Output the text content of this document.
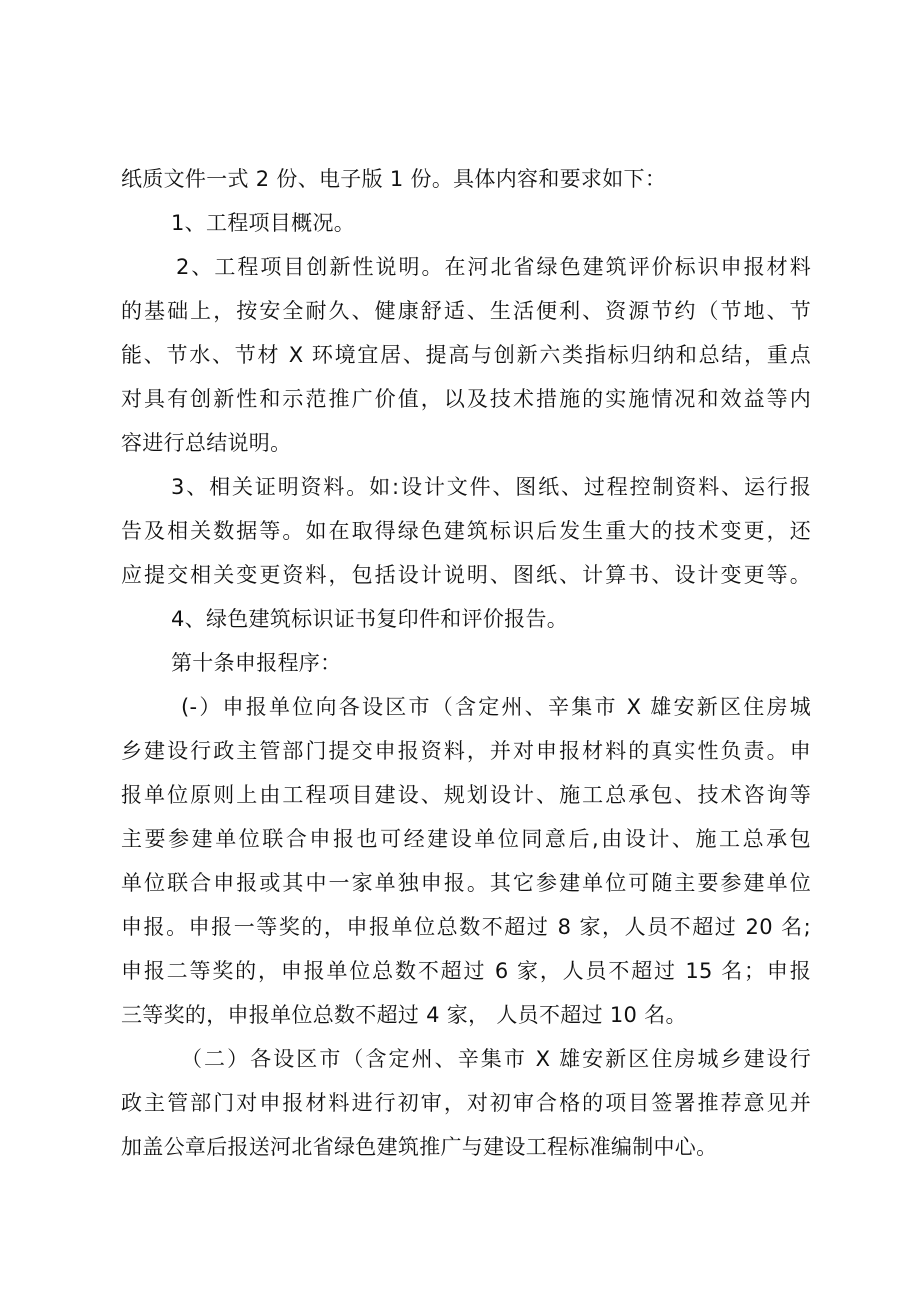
纸质文件一式 2 份、电子版 1 份。具体内容和要求如下：
1、工程项目概况。
2、工程项目创新性说明。在河北省绿色建筑评价标识申报材料
的基础上，按安全耐久、健康舒适、生活便利、资源节约（节地、节
能、节水、节材 X 环境宜居、提高与创新六类指标归纳和总结，重点
对具有创新性和示范推广价值，以及技术措施的实施情况和效益等内
容进行总结说明。
3、相关证明资料。如:设计文件、图纸、过程控制资料、运行报
告及相关数据等。如在取得绿色建筑标识后发生重大的技术变更，还
应提交相关变更资料，包括设计说明、图纸、计算书、设计变更等。
4、绿色建筑标识证书复印件和评价报告。
第十条申报程序：
(-）申报单位向各设区市（含定州、辛集市 X 雄安新区住房城
乡建设行政主管部门提交申报资料，并对申报材料的真实性负责。申
报单位原则上由工程项目建设、规划设计、施工总承包、技术咨询等
主要参建单位联合申报也可经建设单位同意后,由设计、施工总承包
单位联合申报或其中一家单独申报。其它参建单位可随主要参建单位
申报。申报一等奖的，申报单位总数不超过 8 家，人员不超过 20 名;
申报二等奖的，申报单位总数不超过 6 家，人员不超过 15 名；申报
三等奖的，申报单位总数不超过 4 家， 人员不超过 10 名。
（二）各设区市（含定州、辛集市 X 雄安新区住房城乡建设行
政主管部门对申报材料进行初审，对初审合格的项目签署推荐意见并
加盖公章后报送河北省绿色建筑推广与建设工程标准编制中心。
